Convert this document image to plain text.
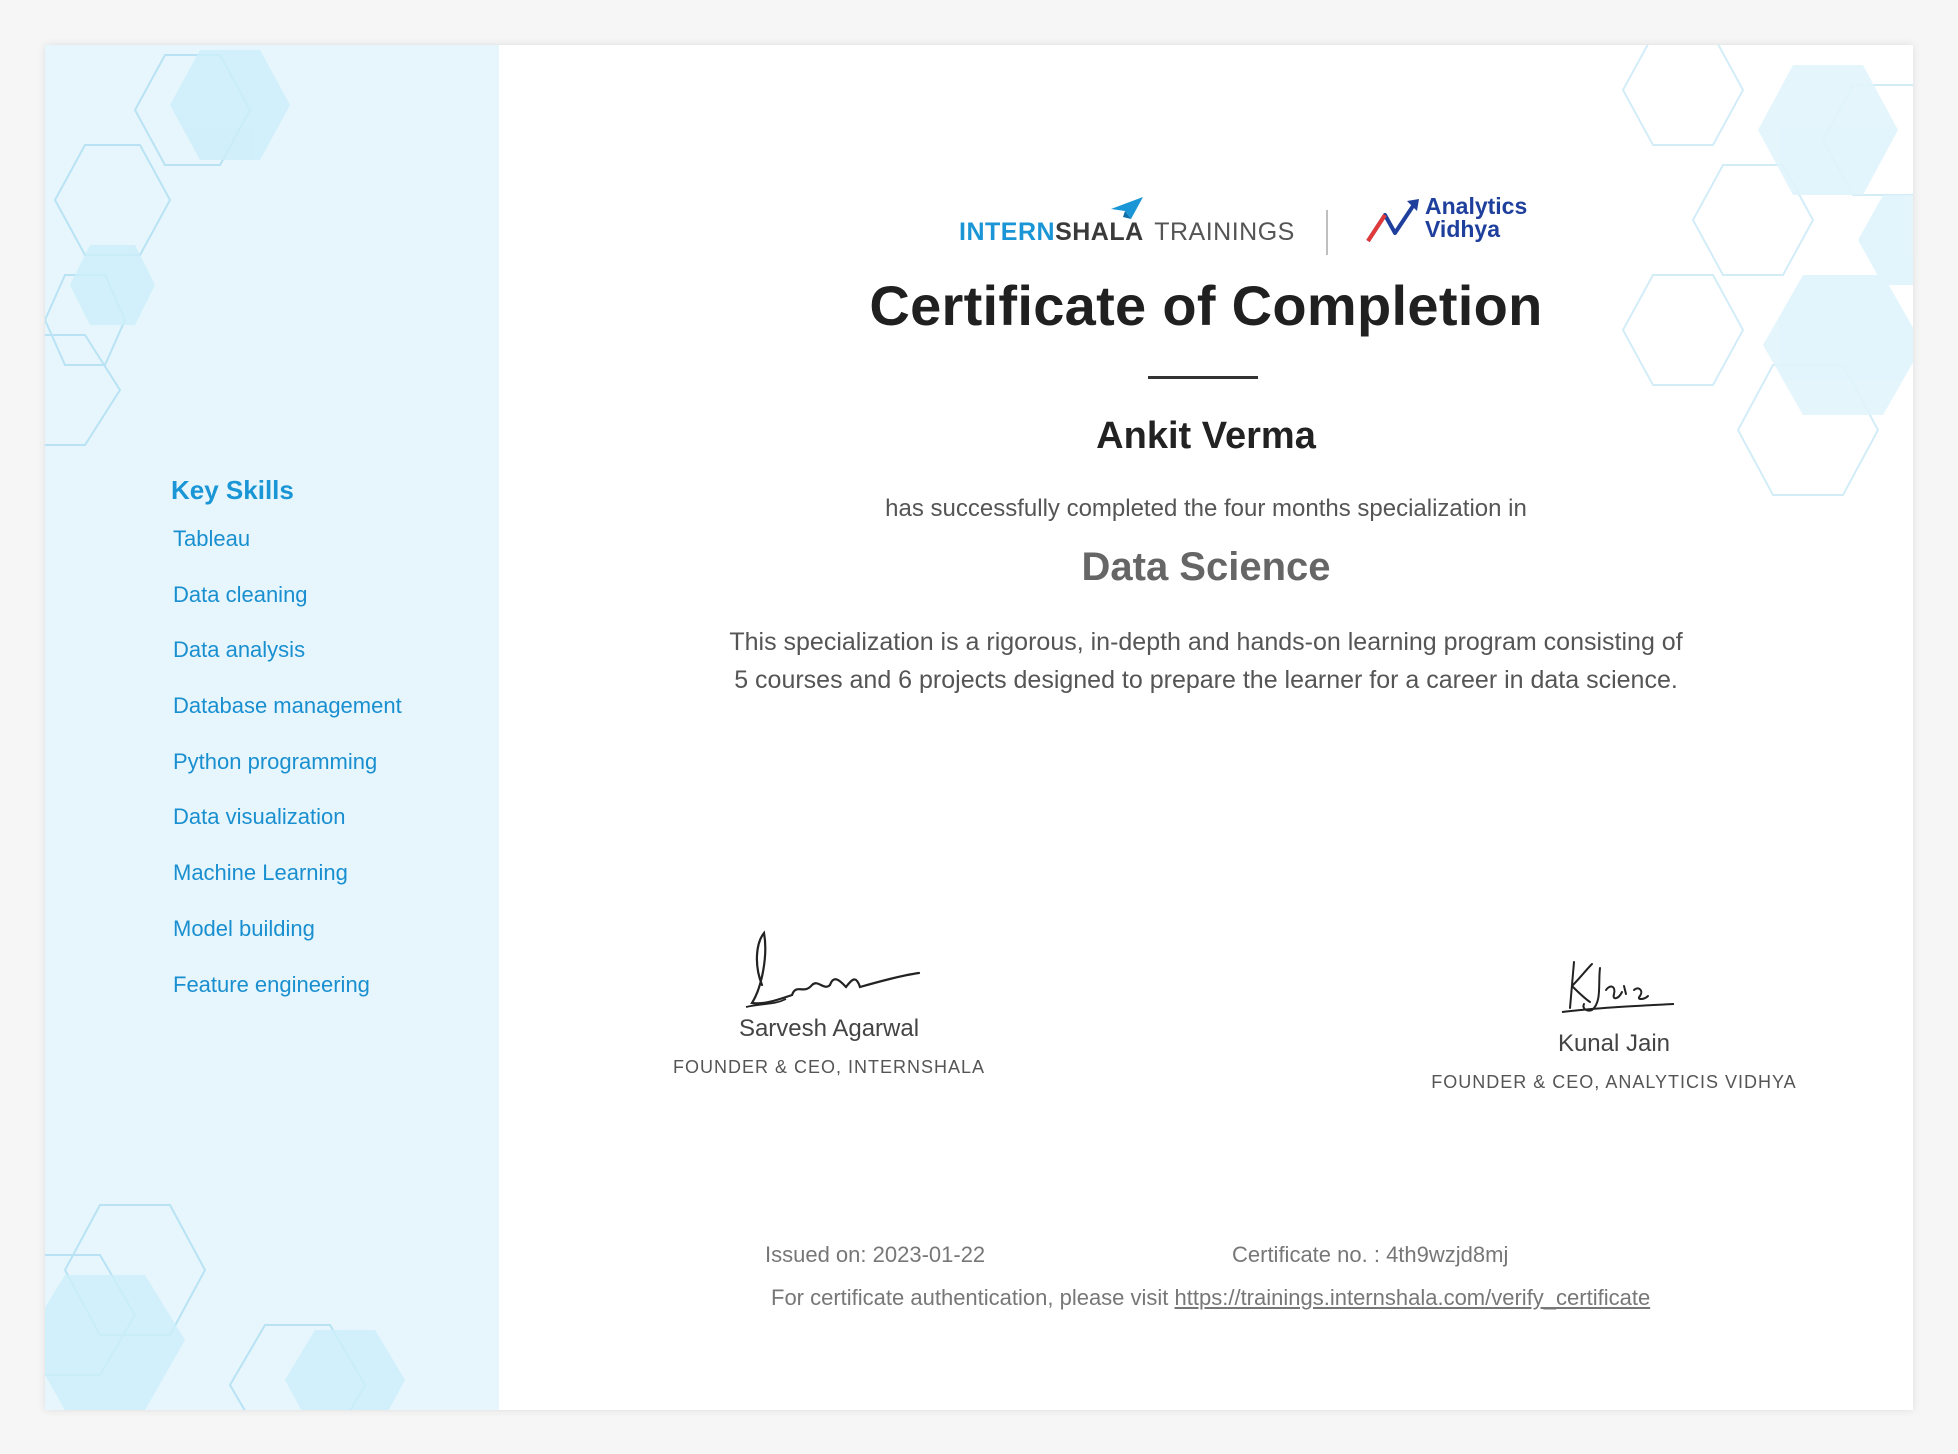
Key Skills
Tableau
Data cleaning
Data analysis
Database management
Python programming
Data visualization
Machine Learning
Model building
Feature engineering
INTERNSHALA TRAININGS
Analytics
Vidhya
Certificate of Completion
Ankit Verma
has successfully completed the four months specialization in
Data Science
This specialization is a rigorous, in-depth and hands-on learning program consisting of
5 courses and 6 projects designed to prepare the learner for a career in data science.
Sarvesh Agarwal
FOUNDER & CEO, INTERNSHALA
Kunal Jain
FOUNDER & CEO, ANALYTICIS VIDHYA
Issued on: 2023-01-22	Certificate no. : 4th9wzjd8mj
For certificate authentication, please visit https://trainings.internshala.com/verify_certificate
